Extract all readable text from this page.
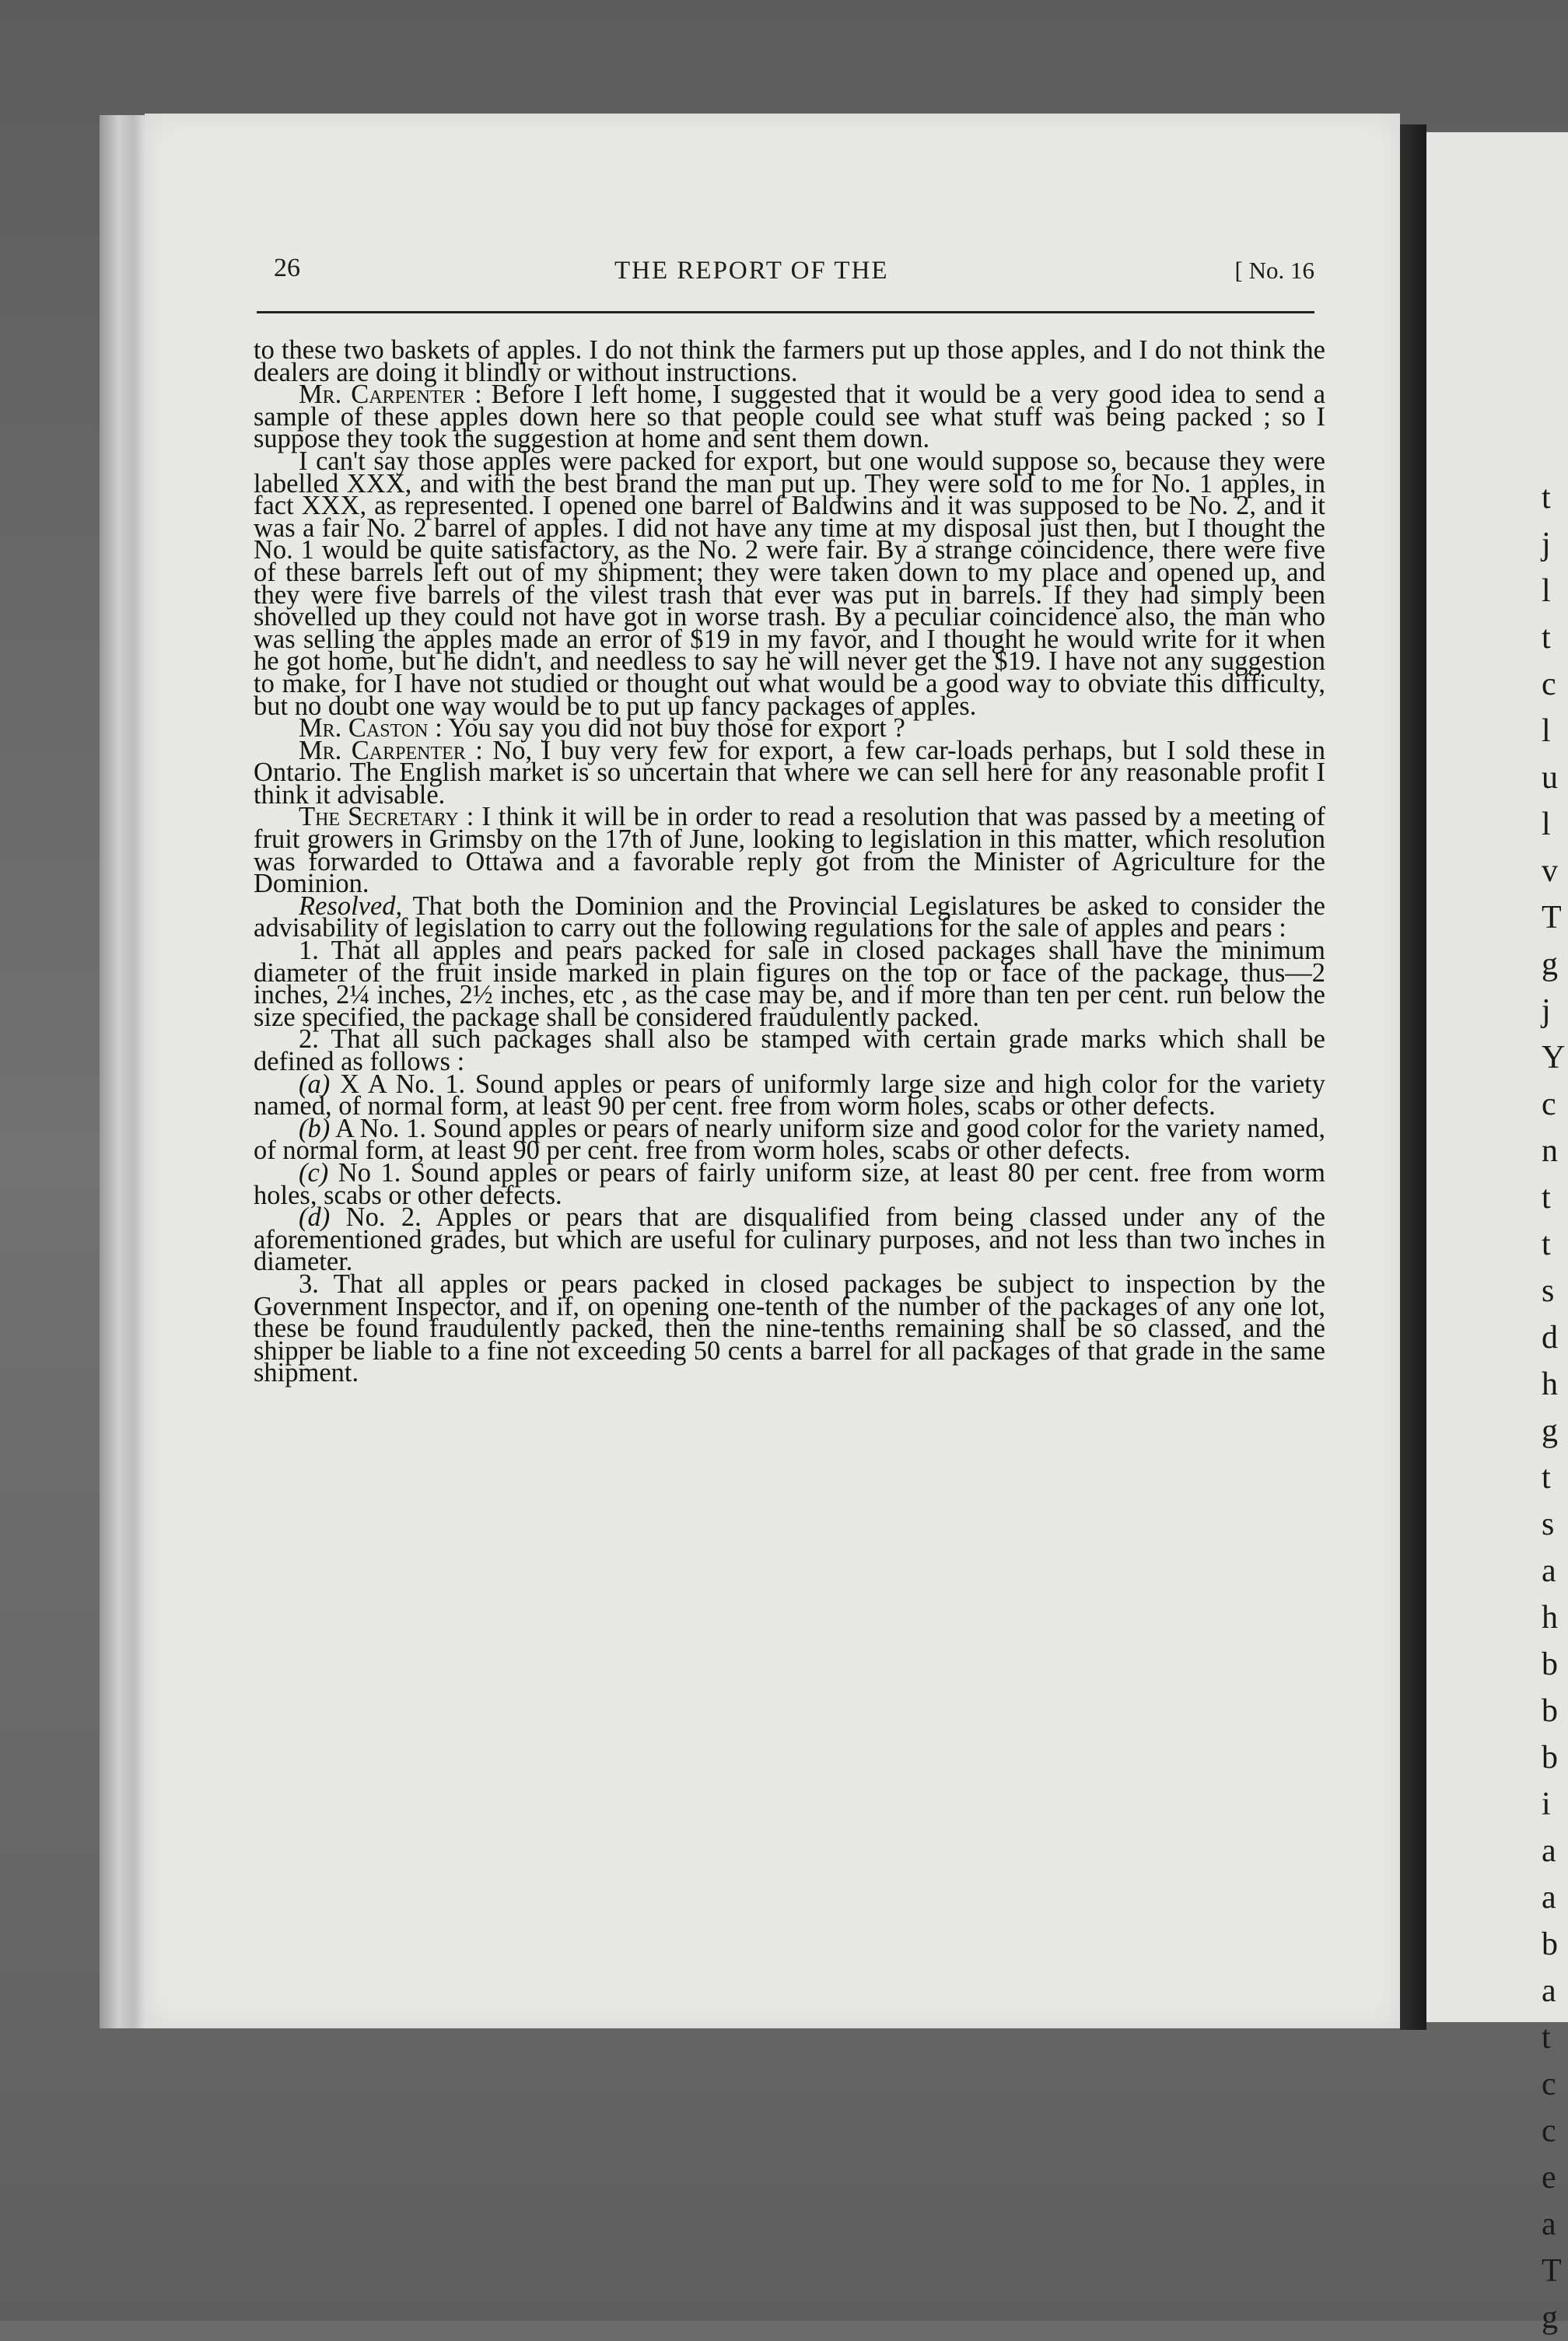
t
j
l
t
c
l
u
l
v
T
g
j
Y
c
n
t
t
s
d
h
g
t
s
a
h
b
b
b
i
a
a
b
a
t
c
c
e
a
T
g
26	THE REPORT OF THE	[ No. 16

to these two baskets of apples. I do not think the farmers put up those apples, and I do not think the dealers are doing it blindly or without instructions.

Mr. Carpenter : Before I left home, I suggested that it would be a very good idea to send a sample of these apples down here so that people could see what stuff was being packed ; so I suppose they took the suggestion at home and sent them down.

I can't say those apples were packed for export, but one would suppose so, because they were labelled XXX, and with the best brand the man put up. They were sold to me for No. 1 apples, in fact XXX, as represented. I opened one barrel of Baldwins and it was supposed to be No. 2, and it was a fair No. 2 barrel of apples. I did not have any time at my disposal just then, but I thought the No. 1 would be quite satisfactory, as the No. 2 were fair. By a strange coincidence, there were five of these barrels left out of my shipment; they were taken down to my place and opened up, and they were five barrels of the vilest trash that ever was put in barrels. If they had simply been shovelled up they could not have got in worse trash. By a peculiar coincidence also, the man who was selling the apples made an error of $19 in my favor, and I thought he would write for it when he got home, but he didn't, and needless to say he will never get the $19. I have not any suggestion to make, for I have not studied or thought out what would be a good way to obviate this difficulty, but no doubt one way would be to put up fancy packages of apples.

Mr. Caston : You say you did not buy those for export ?

Mr. Carpenter : No, I buy very few for export, a few car-loads perhaps, but I sold these in Ontario. The English market is so uncertain that where we can sell here for any reasonable profit I think it advisable.

The Secretary : I think it will be in order to read a resolution that was passed by a meeting of fruit growers in Grimsby on the 17th of June, looking to legislation in this matter, which resolution was forwarded to Ottawa and a favorable reply got from the Minister of Agriculture for the Dominion.

Resolved, That both the Dominion and the Provincial Legislatures be asked to consider the advisability of legislation to carry out the following regulations for the sale of apples and pears :

1. That all apples and pears packed for sale in closed packages shall have the minimum diameter of the fruit inside marked in plain figures on the top or face of the package, thus—2 inches, 2¼ inches, 2½ inches, etc , as the case may be, and if more than ten per cent. run below the size specified, the package shall be considered fraudulently packed.

2. That all such packages shall also be stamped with certain grade marks which shall be defined as follows :

(a) X A No. 1. Sound apples or pears of uniformly large size and high color for the variety named, of normal form, at least 90 per cent. free from worm holes, scabs or other defects.

(b) A No. 1. Sound apples or pears of nearly uniform size and good color for the variety named, of normal form, at least 90 per cent. free from worm holes, scabs or other defects.

(c) No 1. Sound apples or pears of fairly uniform size, at least 80 per cent. free from worm holes, scabs or other defects.

(d) No. 2. Apples or pears that are disqualified from being classed under any of the aforementioned grades, but which are useful for culinary purposes, and not less than two inches in diameter.

3. That all apples or pears packed in closed packages be subject to inspection by the Government Inspector, and if, on opening one-tenth of the number of the packages of any one lot, these be found fraudulently packed, then the nine-tenths remaining shall be so classed, and the shipper be liable to a fine not exceeding 50 cents a barrel for all packages of that grade in the same shipment.
